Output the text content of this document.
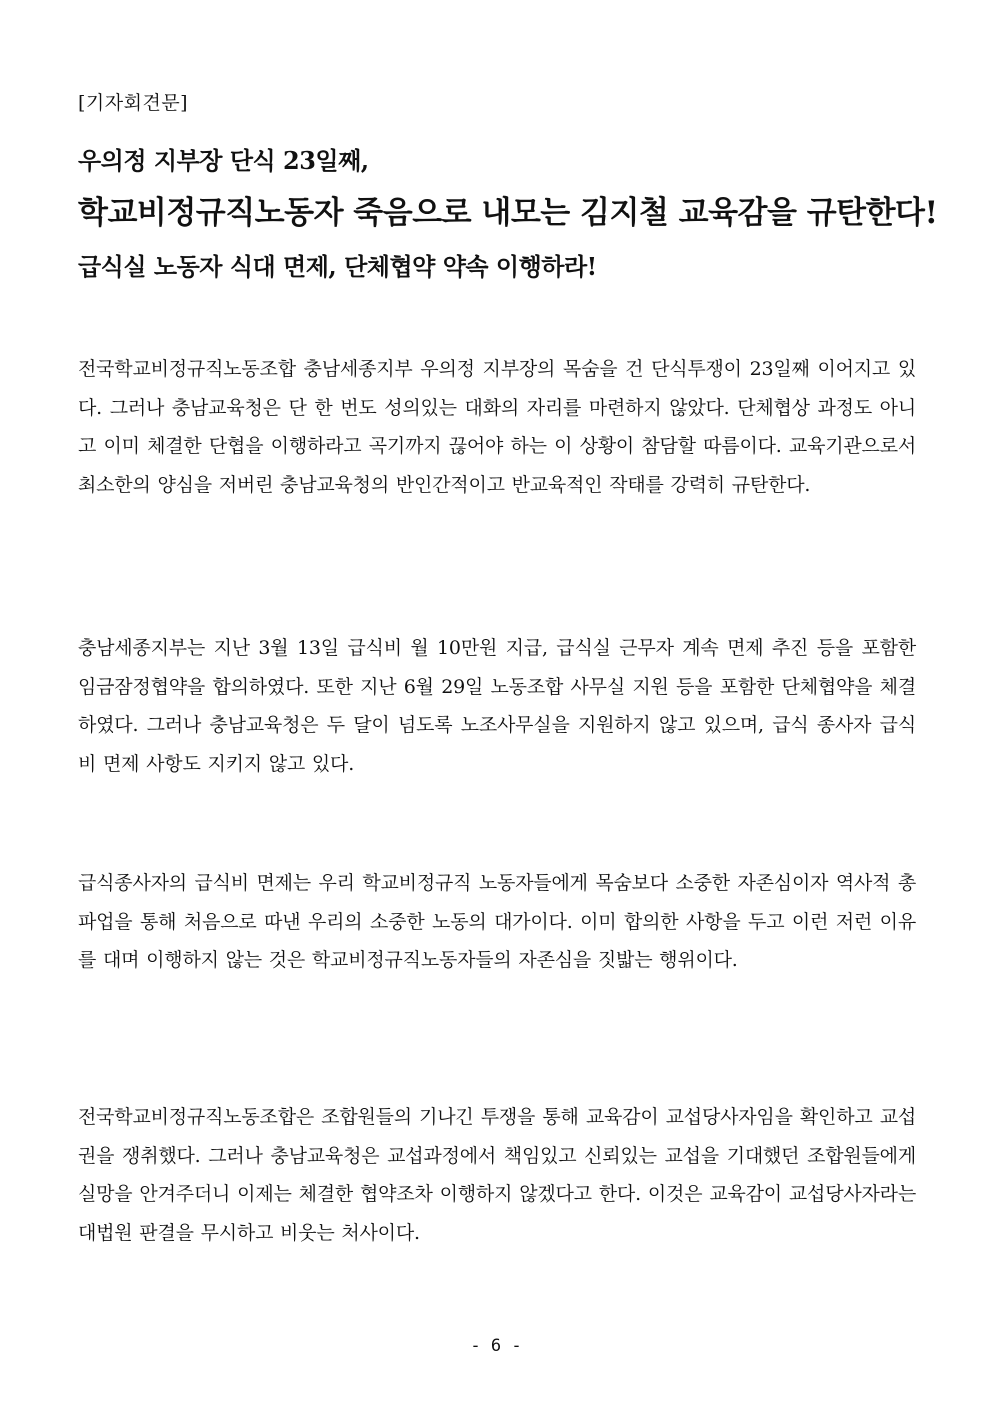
[기자회견문]
우의정 지부장 단식 23일째,
학교비정규직노동자 죽음으로 내모는 김지철 교육감을 규탄한다!
급식실 노동자 식대 면제, 단체협약 약속 이행하라!

전국학교비정규직노동조합 충남세종지부 우의정 지부장의 목숨을 건 단식투쟁이 23일째 이어지고 있다. 그러나 충남교육청은 단 한 번도 성의있는 대화의 자리를 마련하지 않았다. 단체협상 과정도 아니고 이미 체결한 단협을 이행하라고 곡기까지 끊어야 하는 이 상황이 참담할 따름이다. 교육기관으로서 최소한의 양심을 저버린 충남교육청의 반인간적이고 반교육적인 작태를 강력히 규탄한다.

충남세종지부는 지난 3월 13일 급식비 월 10만원 지급, 급식실 근무자 계속 면제 추진 등을 포함한 임금잠정협약을 합의하였다. 또한 지난 6월 29일 노동조합 사무실 지원 등을 포함한 단체협약을 체결하였다. 그러나 충남교육청은 두 달이 넘도록 노조사무실을 지원하지 않고 있으며, 급식 종사자 급식비 면제 사항도 지키지 않고 있다.

급식종사자의 급식비 면제는 우리 학교비정규직 노동자들에게 목숨보다 소중한 자존심이자 역사적 총파업을 통해 처음으로 따낸 우리의 소중한 노동의 대가이다. 이미 합의한 사항을 두고 이런 저런 이유를 대며 이행하지 않는 것은 학교비정규직노동자들의 자존심을 짓밟는 행위이다.

전국학교비정규직노동조합은 조합원들의 기나긴 투쟁을 통해 교육감이 교섭당사자임을 확인하고 교섭권을 쟁취했다. 그러나 충남교육청은 교섭과정에서 책임있고 신뢰있는 교섭을 기대했던 조합원들에게 실망을 안겨주더니 이제는 체결한 협약조차 이행하지 않겠다고 한다. 이것은 교육감이 교섭당사자라는 대법원 판결을 무시하고 비웃는 처사이다.

- 6 -
